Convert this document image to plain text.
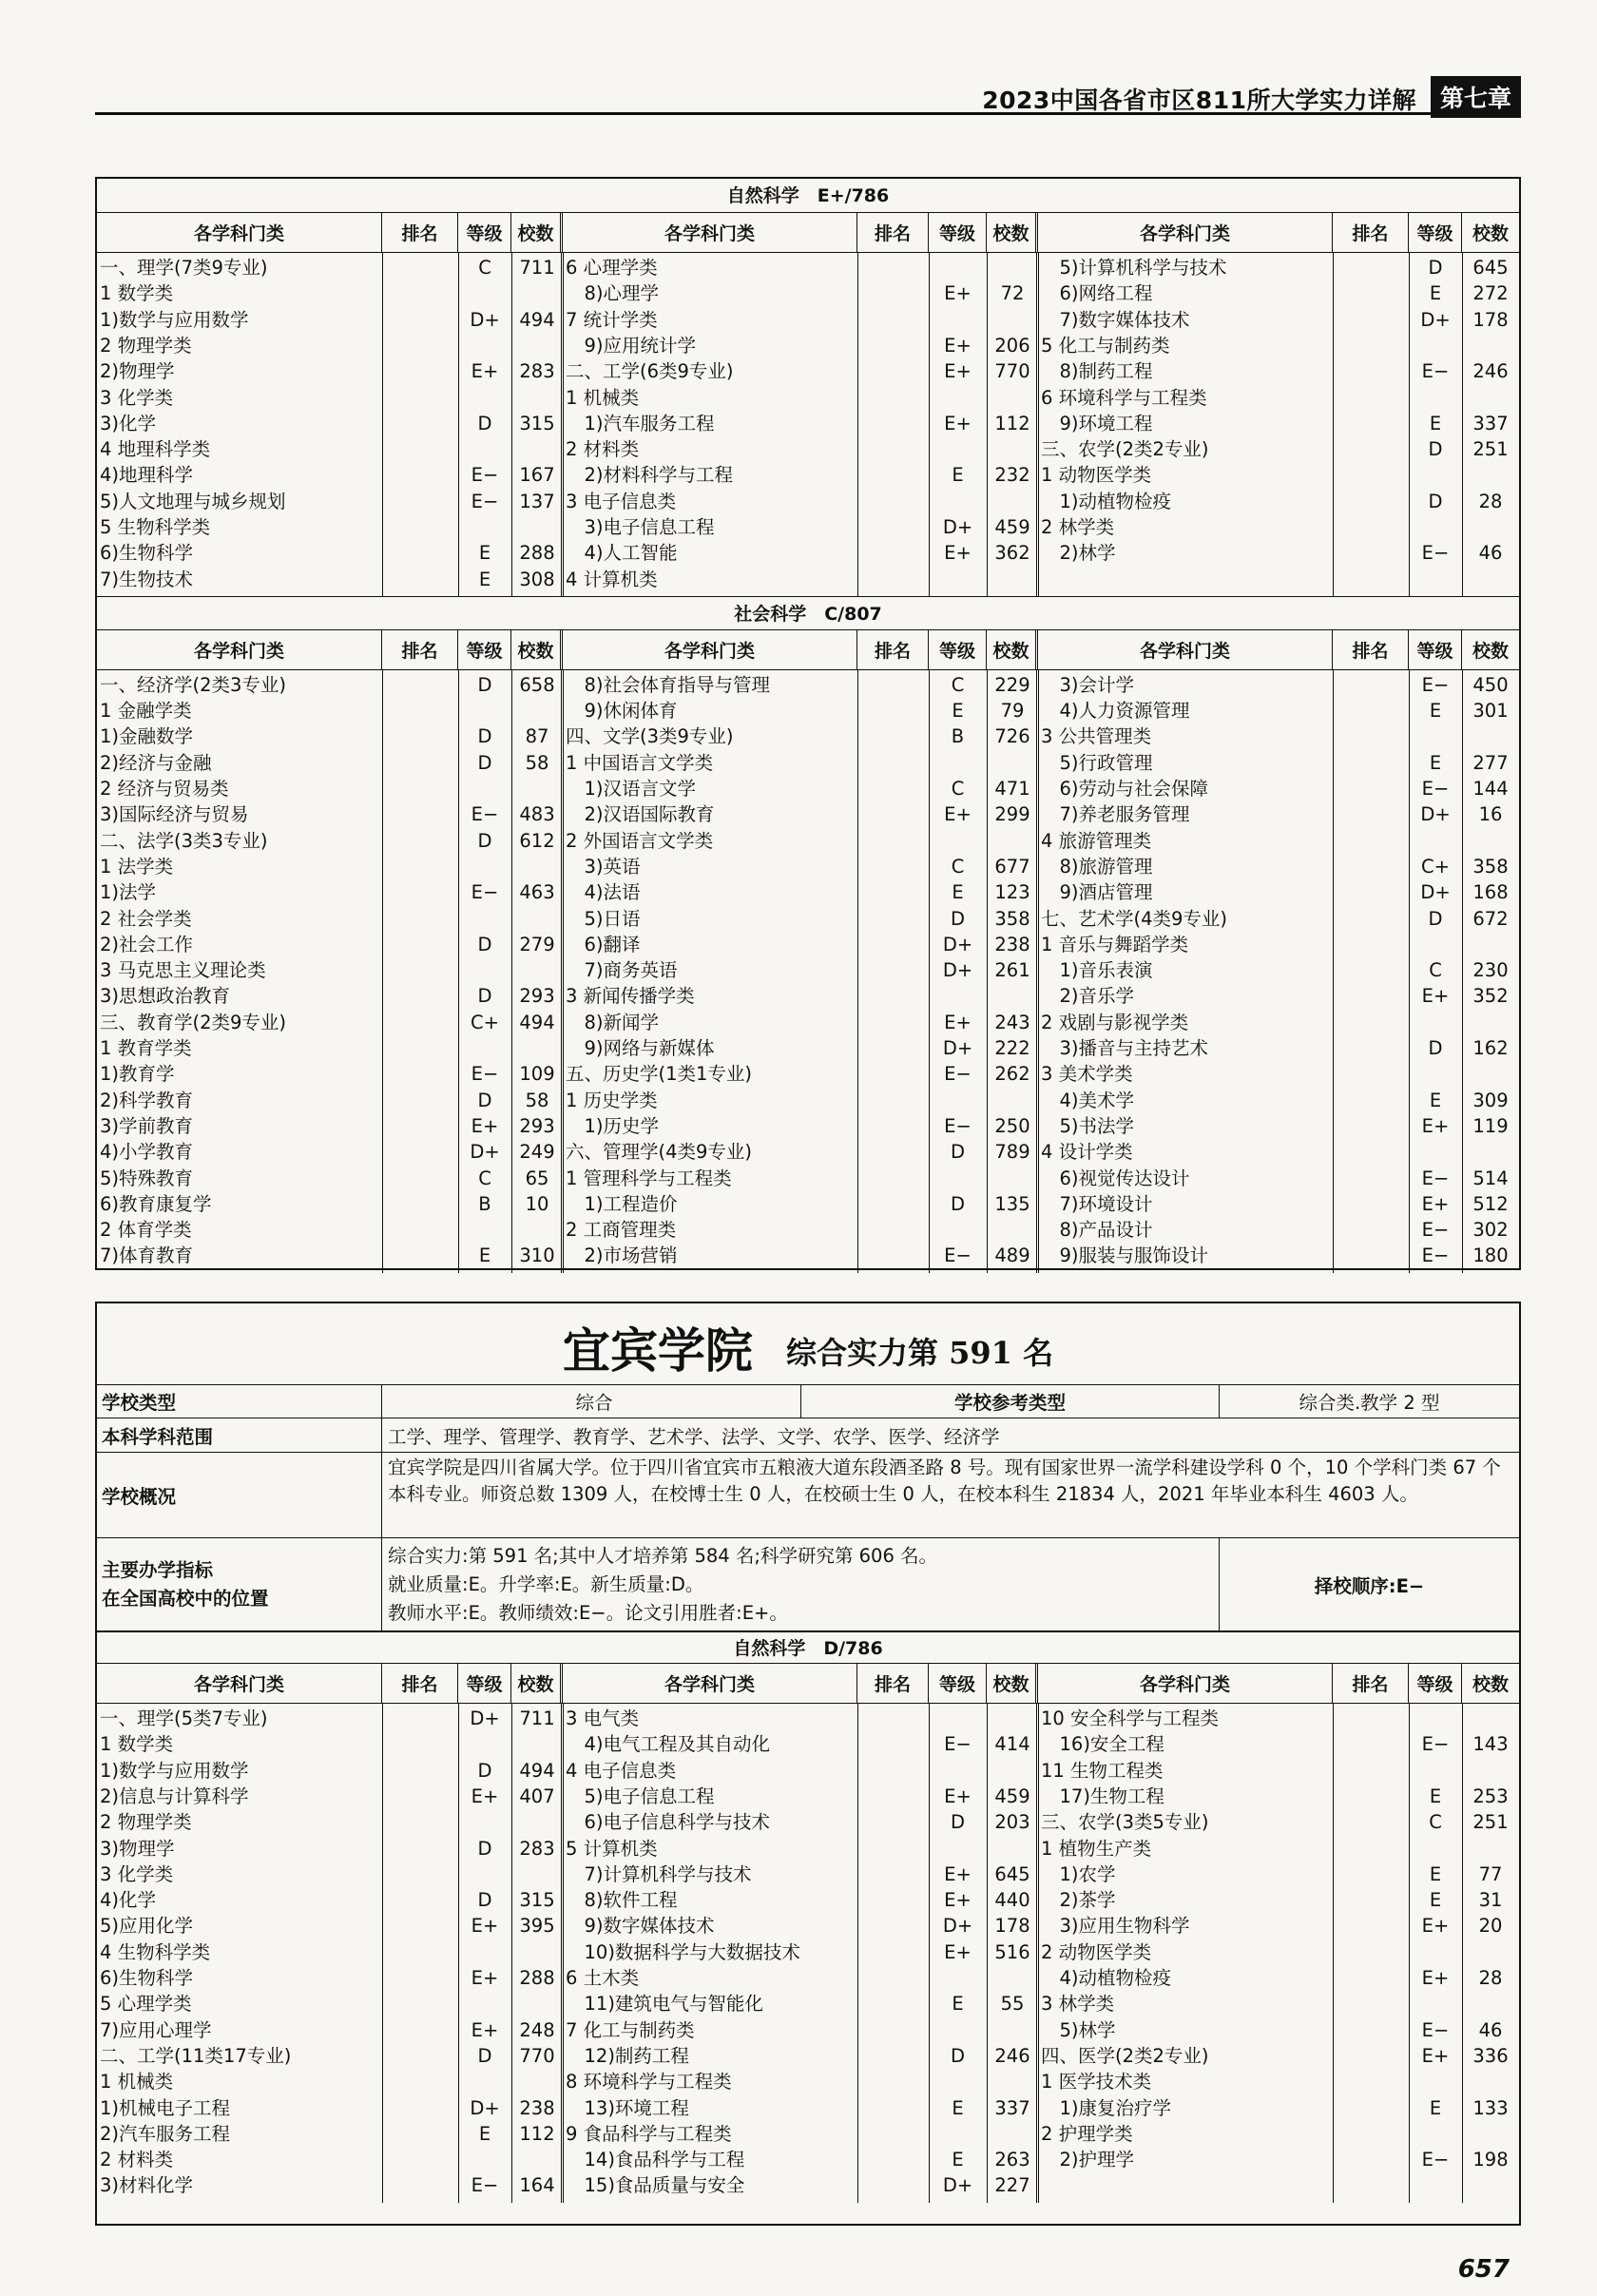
2023中国各省市区811所大学实力详解 第七章
自然科学　E+/786
排名	等级 校数
各学科门类	排名	等级 校数
各学科门类	排名	等级	校数
各学科门类
一、理学(7类9专业)	C	711
1 数学类
1)数学与应用数学	D+	494
2 物理学类
2)物理学	E+	283
3 化学类
3)化学	D	315
4 地理科学类
4)地理科学	E−	167
5)人文地理与城乡规划	E−	137
5 生物科学类
6)生物科学	E	288
7)生物技术	E	308
6 心理学类
　8)心理学	E+	72
7 统计学类
　9)应用统计学	E+	206
二、工学(6类9专业)	E+	770
1 机械类
　1)汽车服务工程	E+	112
2 材料类
　2)材料科学与工程	E	232
3 电子信息类
　3)电子信息工程	D+	459
　4)人工智能	E+	362
4 计算机类
　5)计算机科学与技术	D	645
　6)网络工程	E	272
　7)数字媒体技术	D+	178
5 化工与制药类
　8)制药工程	E−	246
6 环境科学与工程类
　9)环境工程	E	337
三、农学(2类2专业)	D	251
1 动物医学类
　1)动植物检疫	D	28
2 林学类
　2)林学	E−	46
社会科学　C/807
排名	等级 校数
各学科门类	排名	等级 校数
各学科门类	排名	等级	校数
各学科门类
一、经济学(2类3专业)	D	658
1 金融学类
1)金融数学	D	87
2)经济与金融	D	58
2 经济与贸易类
3)国际经济与贸易	E−	483
二、法学(3类3专业)	D	612
1 法学类
1)法学	E−	463
2 社会学类
2)社会工作	D	279
3 马克思主义理论类
3)思想政治教育	D	293
三、教育学(2类9专业)	C+	494
1 教育学类
1)教育学	E−	109
2)科学教育	D	58
3)学前教育	E+	293
4)小学教育	D+	249
5)特殊教育	C	65
6)教育康复学	B	10
2 体育学类
7)体育教育	E	310
　8)社会体育指导与管理	C	229
　9)休闲体育	E	79
四、文学(3类9专业)	B	726
1 中国语言文学类
　1)汉语言文学	C	471
　2)汉语国际教育	E+	299
2 外国语言文学类
　3)英语	C	677
　4)法语	E	123
　5)日语	D	358
　6)翻译	D+	238
　7)商务英语	D+	261
3 新闻传播学类
　8)新闻学	E+	243
　9)网络与新媒体	D+	222
五、历史学(1类1专业)	E−	262
1 历史学类
　1)历史学	E−	250
六、管理学(4类9专业)	D	789
1 管理科学与工程类
　1)工程造价	D	135
2 工商管理类
　2)市场营销	E−	489
　3)会计学	E−	450
　4)人力资源管理	E	301
3 公共管理类
　5)行政管理	E	277
　6)劳动与社会保障	E−	144
　7)养老服务管理	D+	16
4 旅游管理类
　8)旅游管理	C+	358
　9)酒店管理	D+	168
七、艺术学(4类9专业)	D	672
1 音乐与舞蹈学类
　1)音乐表演	C	230
　2)音乐学	E+	352
2 戏剧与影视学类
　3)播音与主持艺术	D	162
3 美术学类
　4)美术学	E	309
　5)书法学	E+	119
4 设计学类
　6)视觉传达设计	E−	514
　7)环境设计	E+	512
　8)产品设计	E−	302
　9)服装与服饰设计	E−	180
宜宾学院 综合实力第 591 名
学校类型	综合	学校参考类型	综合类.教学 2 型
本科学科范围	工学、理学、管理学、教育学、艺术学、法学、文学、农学、医学、经济学
学校概况
宜宾学院是四川省属大学。位于四川省宜宾市五粮液大道东段酒圣路 8 号。现有国家世界一流学科建设学科 0 个，10 个学科门类 67 个本科专业。师资总数 1309 人，在校博士生 0 人，在校硕士生 0 人，在校本科生 21834 人，2021 年毕业本科生 4603 人。
主要办学指标
在全国高校中的位置
综合实力:第 591 名;其中人才培养第 584 名;科学研究第 606 名。
就业质量:E。升学率:E。新生质量:D。
教师水平:E。教师绩效:E−。论文引用胜者:E+。
择校顺序:E−
自然科学　D/786
排名	等级 校数
各学科门类	排名	等级 校数
各学科门类	排名	等级	校数
各学科门类
一、理学(5类7专业)	D+	711
1 数学类
1)数学与应用数学	D	494
2)信息与计算科学	E+	407
2 物理学类
3)物理学	D	283
3 化学类
4)化学	D	315
5)应用化学	E+	395
4 生物科学类
6)生物科学	E+	288
5 心理学类
7)应用心理学	E+	248
二、工学(11类17专业)	D	770
1 机械类
1)机械电子工程	D+	238
2)汽车服务工程	E	112
2 材料类
3)材料化学	E−	164
3 电气类
　4)电气工程及其自动化	E−	414
4 电子信息类
　5)电子信息工程	E+	459
　6)电子信息科学与技术	D	203
5 计算机类
　7)计算机科学与技术	E+	645
　8)软件工程	E+	440
　9)数字媒体技术	D+	178
　10)数据科学与大数据技术	E+	516
6 土木类
　11)建筑电气与智能化	E	55
7 化工与制药类
　12)制药工程	D	246
8 环境科学与工程类
　13)环境工程	E	337
9 食品科学与工程类
　14)食品科学与工程	E	263
　15)食品质量与安全	D+	227
10 安全科学与工程类
　16)安全工程	E−	143
11 生物工程类
　17)生物工程	E	253
三、农学(3类5专业)	C	251
1 植物生产类
　1)农学	E	77
　2)茶学	E	31
　3)应用生物科学	E+	20
2 动物医学类
　4)动植物检疫	E+	28
3 林学类
　5)林学	E−	46
四、医学(2类2专业)	E+	336
1 医学技术类
　1)康复治疗学	E	133
2 护理学类
　2)护理学	E−	198
657
